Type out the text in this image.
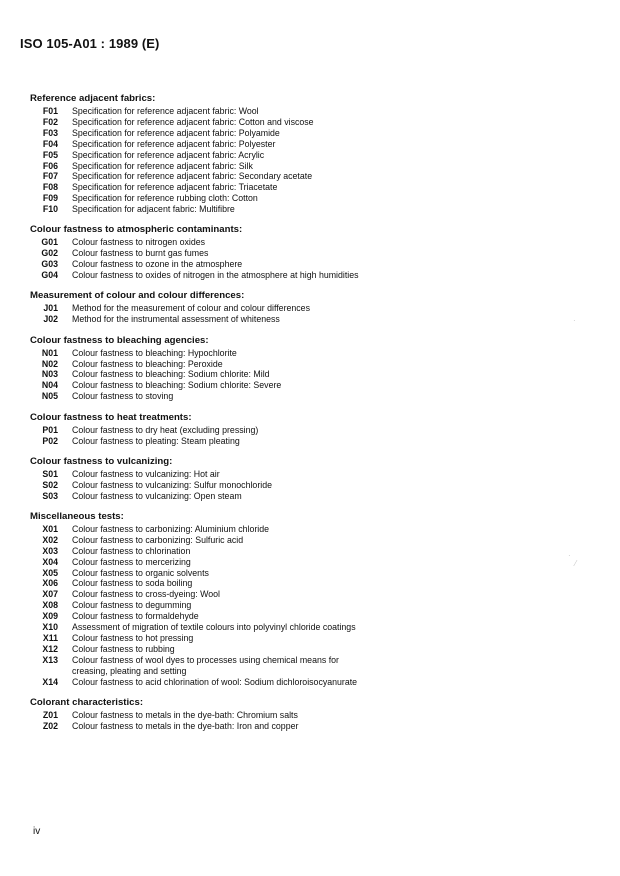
ISO 105-A01 : 1989 (E)
Reference adjacent fabrics:
F01 Specification for reference adjacent fabric: Wool
F02 Specification for reference adjacent fabric: Cotton and viscose
F03 Specification for reference adjacent fabric: Polyamide
F04 Specification for reference adjacent fabric: Polyester
F05 Specification for reference adjacent fabric: Acrylic
F06 Specification for reference adjacent fabric: Silk
F07 Specification for reference adjacent fabric: Secondary acetate
F08 Specification for reference adjacent fabric: Triacetate
F09 Specification for reference rubbing cloth: Cotton
F10 Specification for adjacent fabric: Multifibre
Colour fastness to atmospheric contaminants:
G01 Colour fastness to nitrogen oxides
G02 Colour fastness to burnt gas fumes
G03 Colour fastness to ozone in the atmosphere
G04 Colour fastness to oxides of nitrogen in the atmosphere at high humidities
Measurement of colour and colour differences:
J01 Method for the measurement of colour and colour differences
J02 Method for the instrumental assessment of whiteness
Colour fastness to bleaching agencies:
N01 Colour fastness to bleaching: Hypochlorite
N02 Colour fastness to bleaching: Peroxide
N03 Colour fastness to bleaching: Sodium chlorite: Mild
N04 Colour fastness to bleaching: Sodium chlorite: Severe
N05 Colour fastness to stoving
Colour fastness to heat treatments:
P01 Colour fastness to dry heat (excluding pressing)
P02 Colour fastness to pleating: Steam pleating
Colour fastness to vulcanizing:
S01 Colour fastness to vulcanizing: Hot air
S02 Colour fastness to vulcanizing: Sulfur monochloride
S03 Colour fastness to vulcanizing: Open steam
Miscellaneous tests:
X01 Colour fastness to carbonizing: Aluminium chloride
X02 Colour fastness to carbonizing: Sulfuric acid
X03 Colour fastness to chlorination
X04 Colour fastness to mercerizing
X05 Colour fastness to organic solvents
X06 Colour fastness to soda boiling
X07 Colour fastness to cross-dyeing: Wool
X08 Colour fastness to degumming
X09 Colour fastness to formaldehyde
X10 Assessment of migration of textile colours into polyvinyl chloride coatings
X11 Colour fastness to hot pressing
X12 Colour fastness to rubbing
X13 Colour fastness of wool dyes to processes using chemical means for creasing, pleating and setting
X14 Colour fastness to acid chlorination of wool: Sodium dichloroisocyanurate
Colorant characteristics:
Z01 Colour fastness to metals in the dye-bath: Chromium salts
Z02 Colour fastness to metals in the dye-bath: Iron and copper
iv
·
·
⁄
